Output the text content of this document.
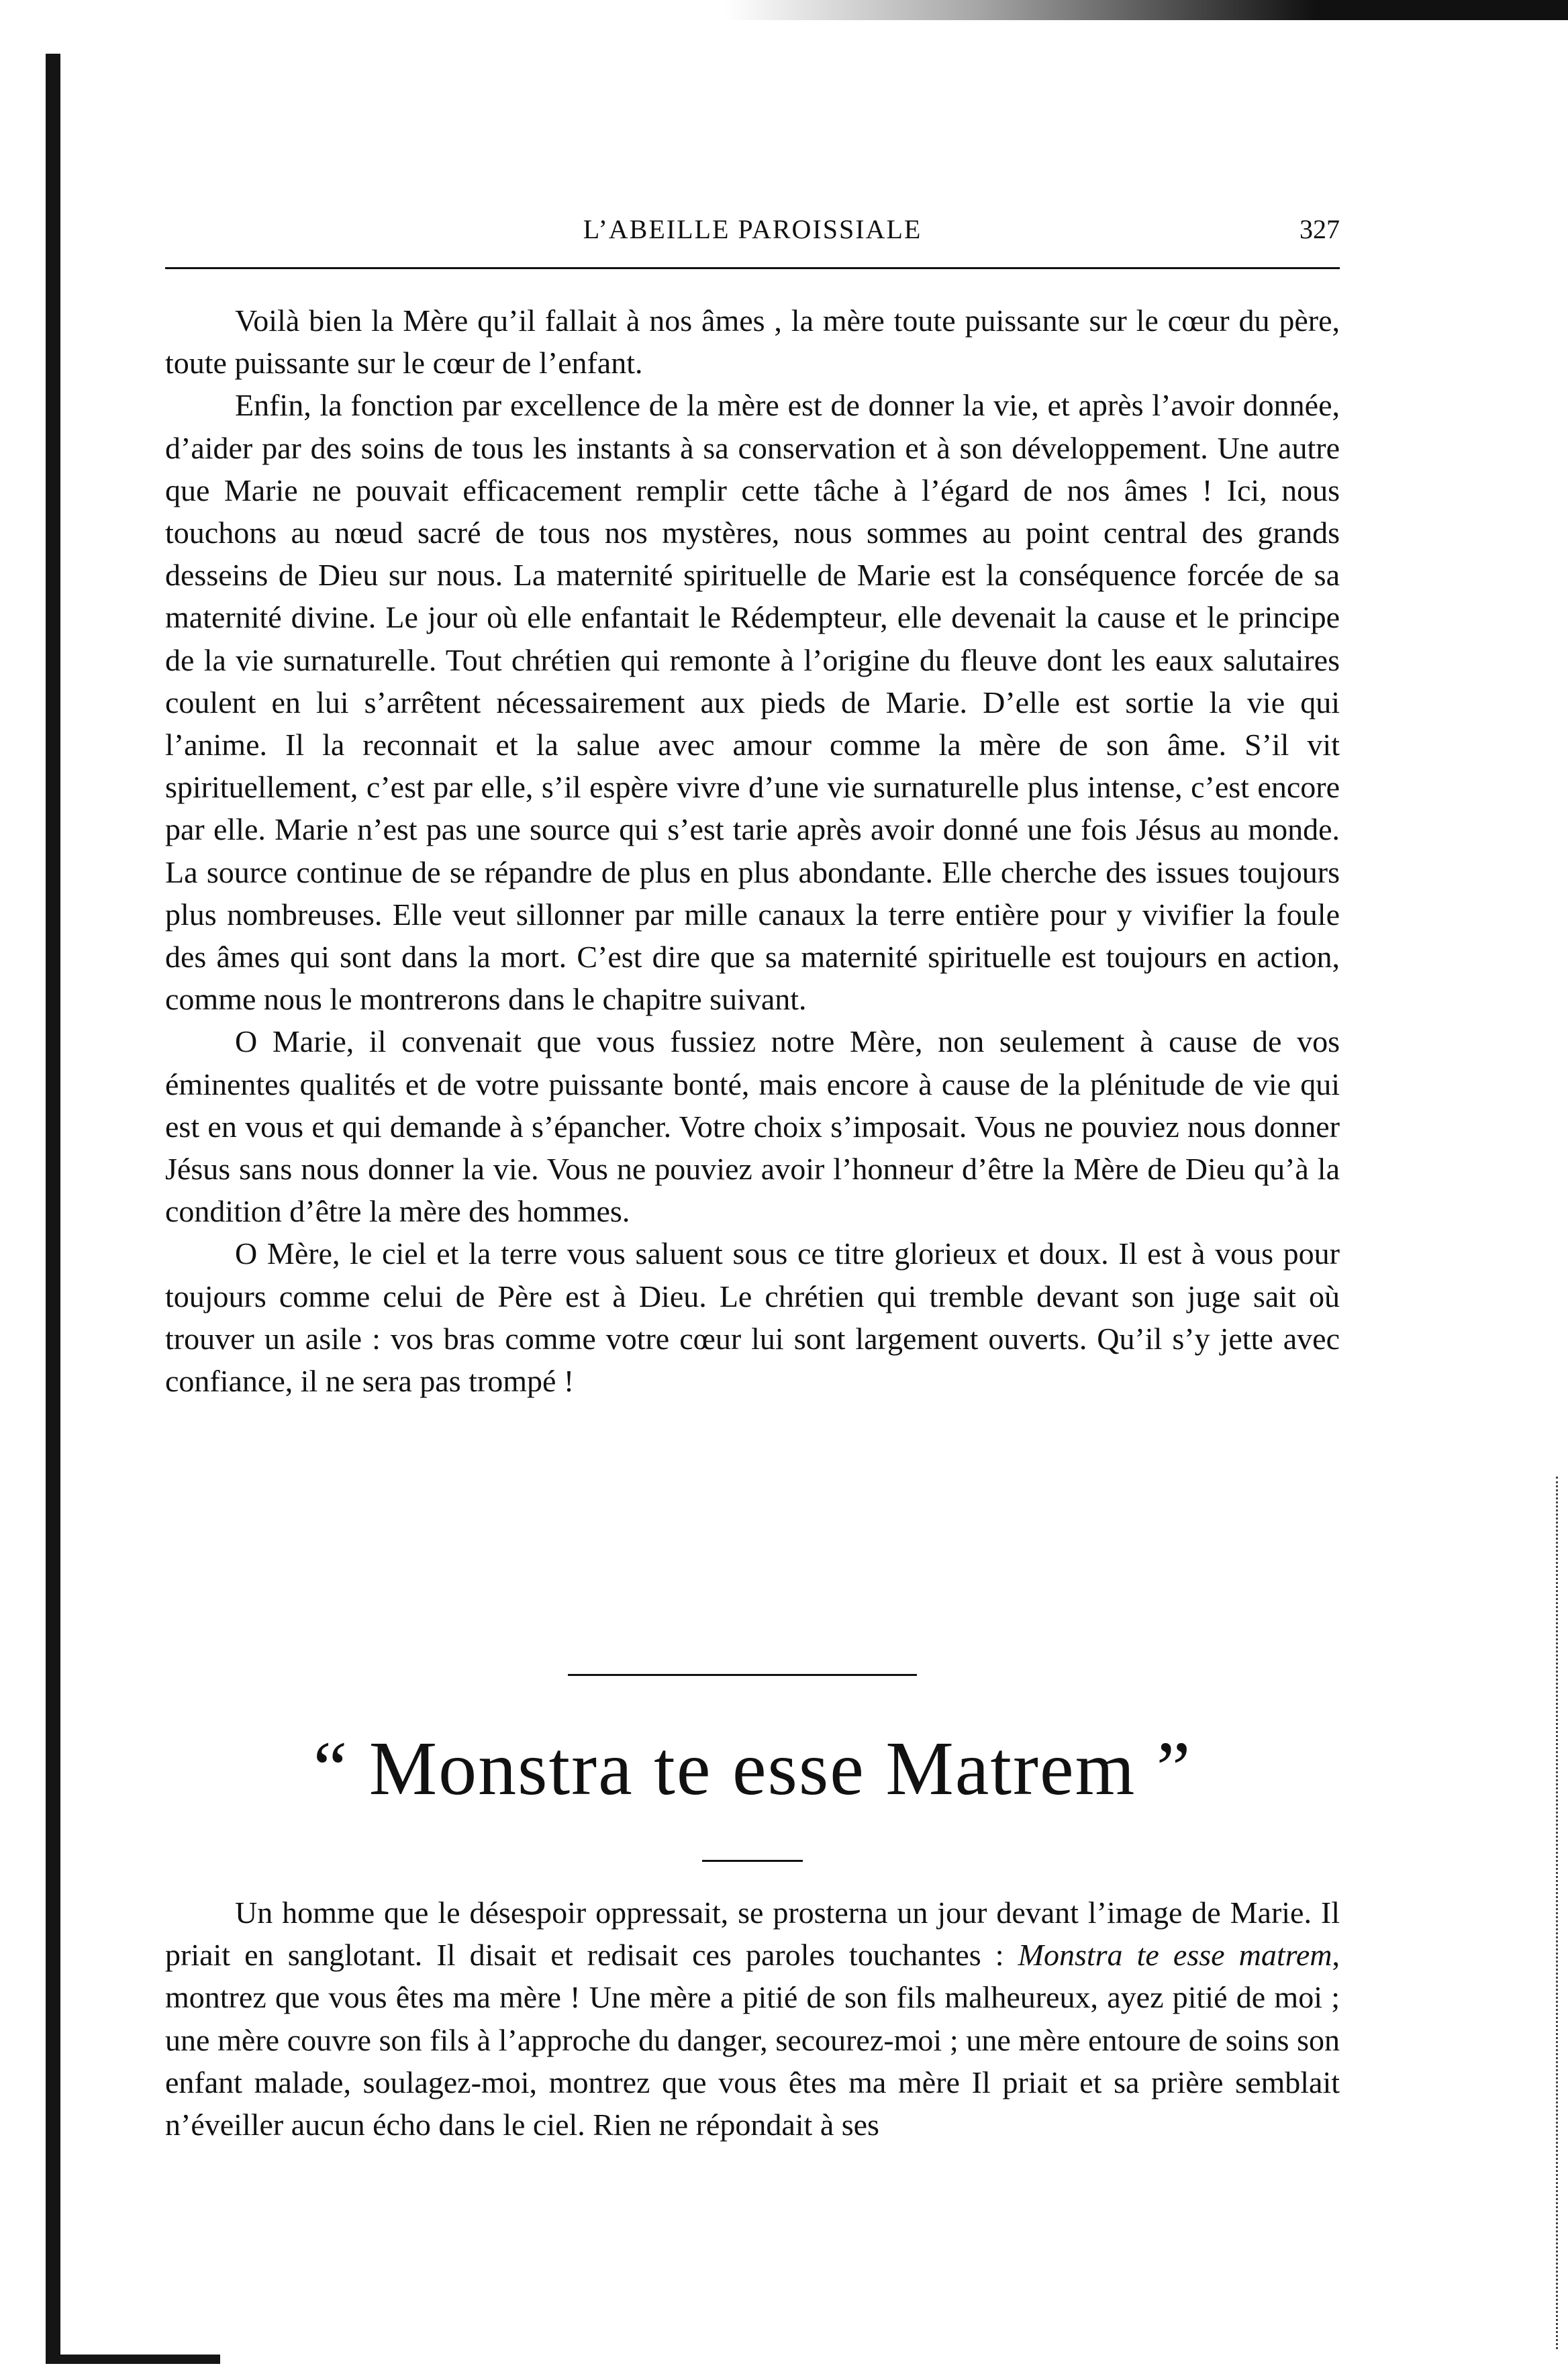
L’ABEILLE PAROISSIALE	327

Voilà bien la Mère qu’il fallait à nos âmes , la mère toute puissante sur le cœur du père, toute puissante sur le cœur de l’enfant.

Enfin, la fonction par excellence de la mère est de donner la vie, et après l’avoir donnée, d’aider par des soins de tous les instants à sa conservation et à son développement. Une autre que Marie ne pouvait efficacement remplir cette tâche à l’égard de nos âmes ! Ici, nous touchons au nœud sacré de tous nos mystères, nous sommes au point central des grands desseins de Dieu sur nous. La maternité spirituelle de Marie est la conséquence forcée de sa maternité divine. Le jour où elle enfantait le Rédempteur, elle devenait la cause et le principe de la vie surnaturelle. Tout chrétien qui remonte à l’origine du fleuve dont les eaux salutaires coulent en lui s’arrêtent nécessairement aux pieds de Marie. D’elle est sortie la vie qui l’anime. Il la reconnait et la salue avec amour comme la mère de son âme. S’il vit spirituellement, c’est par elle, s’il espère vivre d’une vie surnaturelle plus intense, c’est encore par elle. Marie n’est pas une source qui s’est tarie après avoir donné une fois Jésus au monde. La source continue de se répandre de plus en plus abondante. Elle cherche des issues toujours plus nombreuses. Elle veut sillonner par mille canaux la terre entière pour y vivifier la foule des âmes qui sont dans la mort. C’est dire que sa maternité spirituelle est toujours en action, comme nous le montrerons dans le chapitre suivant.

O Marie, il convenait que vous fussiez notre Mère, non seulement à cause de vos éminentes qualités et de votre puissante bonté, mais encore à cause de la plénitude de vie qui est en vous et qui demande à s’épancher. Votre choix s’imposait. Vous ne pouviez nous donner Jésus sans nous donner la vie. Vous ne pouviez avoir l’honneur d’être la Mère de Dieu qu’à la condition d’être la mère des hommes.

O Mère, le ciel et la terre vous saluent sous ce titre glorieux et doux. Il est à vous pour toujours comme celui de Père est à Dieu. Le chrétien qui tremble devant son juge sait où trouver un asile : vos bras comme votre cœur lui sont largement ouverts. Qu’il s’y jette avec confiance, il ne sera pas trompé !

“ Monstra te esse Matrem ”

Un homme que le désespoir oppressait, se prosterna un jour devant l’image de Marie. Il priait en sanglotant. Il disait et redisait ces paroles touchantes : Monstra te esse matrem, montrez que vous êtes ma mère ! Une mère a pitié de son fils malheureux, ayez pitié de moi ; une mère couvre son fils à l’approche du danger, secourez-moi ; une mère entoure de soins son enfant malade, soulagez-moi, montrez que vous êtes ma mère Il priait et sa prière semblait n’éveiller aucun écho dans le ciel. Rien ne répondait à ses
